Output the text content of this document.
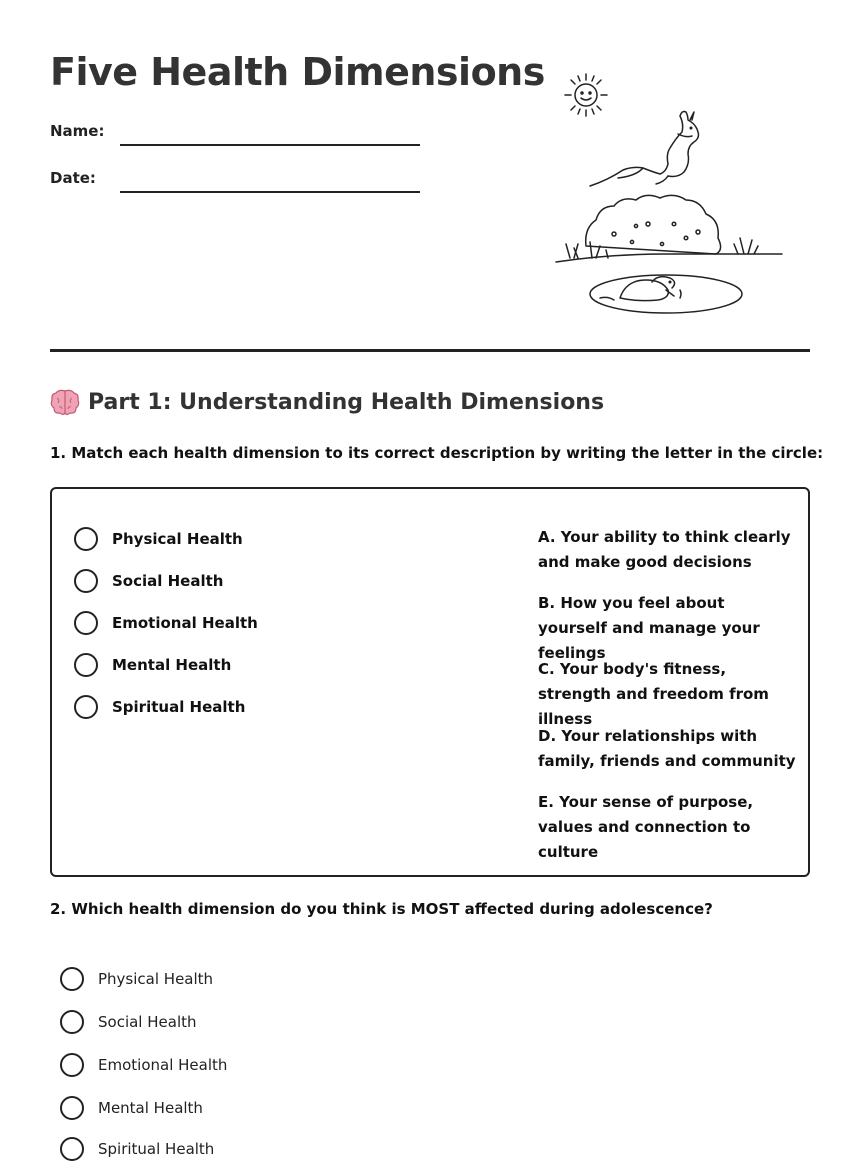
Five Health Dimensions
Name:
Date:
Part 1: Understanding Health Dimensions
1. Match each health dimension to its correct description by writing the letter in the circle:
Physical Health
Social Health
Emotional Health
Mental Health
Spiritual Health
A. Your ability to think clearly and make good decisions
B. How you feel about yourself and manage your feelings
C. Your body's fitness, strength and freedom from illness
D. Your relationships with family, friends and community
E. Your sense of purpose, values and connection to culture
2. Which health dimension do you think is MOST affected during adolescence?
Physical Health
Social Health
Emotional Health
Mental Health
Spiritual Health
